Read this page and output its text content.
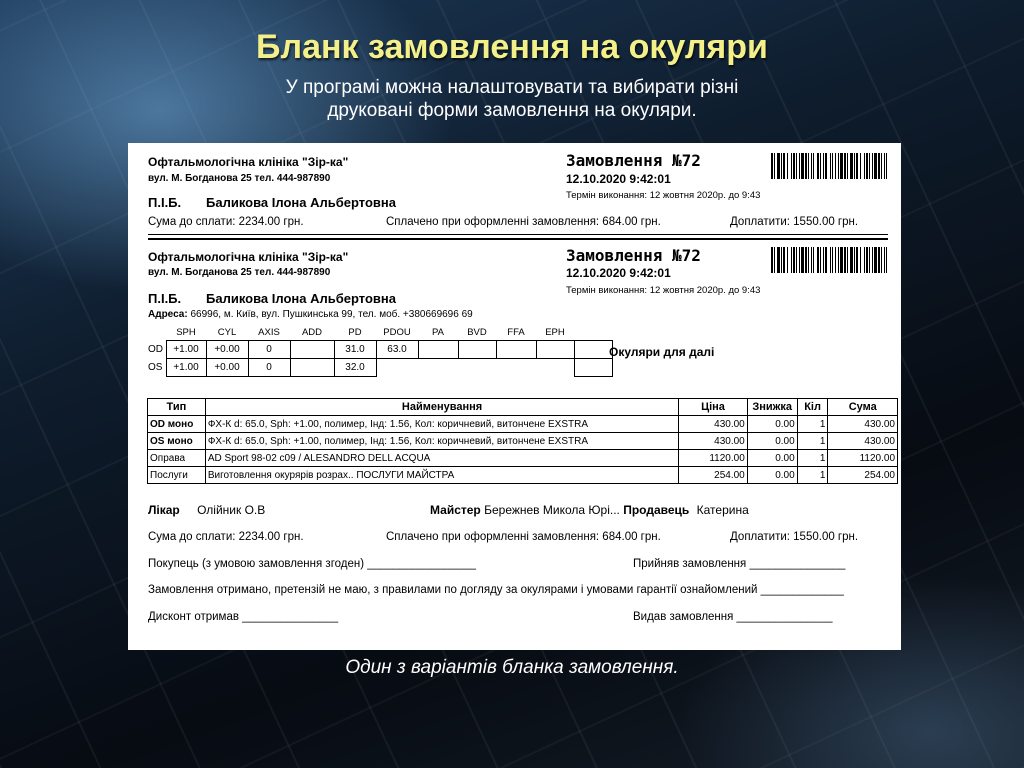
Бланк замовлення на окуляри
У програмі можна налаштовувати та вибирати різні
друковані форми замовлення на окуляри.
Офтальмологічна клініка "Зір-ка"
вул. М. Богданова 25 тел. 444-987890
Замовлення №72
12.10.2020 9:42:01
Термін виконання: 12 жовтня 2020р. до 9:43
П.І.Б. Баликова Ілона Альбертовна
Сума до сплати: 2234.00 грн.	Сплачено при оформленні замовлення: 684.00 грн.	Доплатити: 1550.00 грн.
Офтальмологічна клініка "Зір-ка"
вул. М. Богданова 25 тел. 444-987890
Замовлення №72
12.10.2020 9:42:01
Термін виконання: 12 жовтня 2020р. до 9:43
П.І.Б. Баликова Ілона Альбертовна
Адреса: 66996, м. Київ, вул. Пушкинська 99, тел. моб. +380669696 69
	SPH	CYL	AXIS	ADD	PD	PDOU	PA	BVD	FFA	EPH	
OD	+1.00	+0.00	0		31.0	63.0					
OS	+1.00	+0.00	0		32.0						
Окуляри для далі
Тип	Найменування	Ціна	Знижка	Кіл	Сума
OD моно	ФХ-К d: 65.0, Sph: +1.00, полимер, Інд: 1.56, Кол: коричневий, витончене EXSTRA	430.00	0.00	1	430.00
OS моно	ФХ-К d: 65.0, Sph: +1.00, полимер, Інд: 1.56, Кол: коричневий, витончене EXSTRA	430.00	0.00	1	430.00
Оправа	AD Sport 98-02 c09 / ALESANDRO DELL ACQUA	1120.00	0.00	1	1120.00
Послуги	Виготовлення окурярів розрах.. ПОСЛУГИ МАЙСТРА	254.00	0.00	1	254.00
Лікар Олійник О.В	Майстер Бережнев Микола Юрі... Продавець Катерина
Сума до сплати: 2234.00 грн.	Сплачено при оформленні замовлення: 684.00 грн.	Доплатити: 1550.00 грн.
Покупець (з умовою замовлення згоден) _________________	Прийняв замовлення _______________
Замовлення отримано, претензій не маю, з правилами по догляду за окулярами і умовами гарантії ознайомлений _____________
Дисконт отримав _______________	Видав замовлення _______________
Один з варіантів бланка замовлення.
